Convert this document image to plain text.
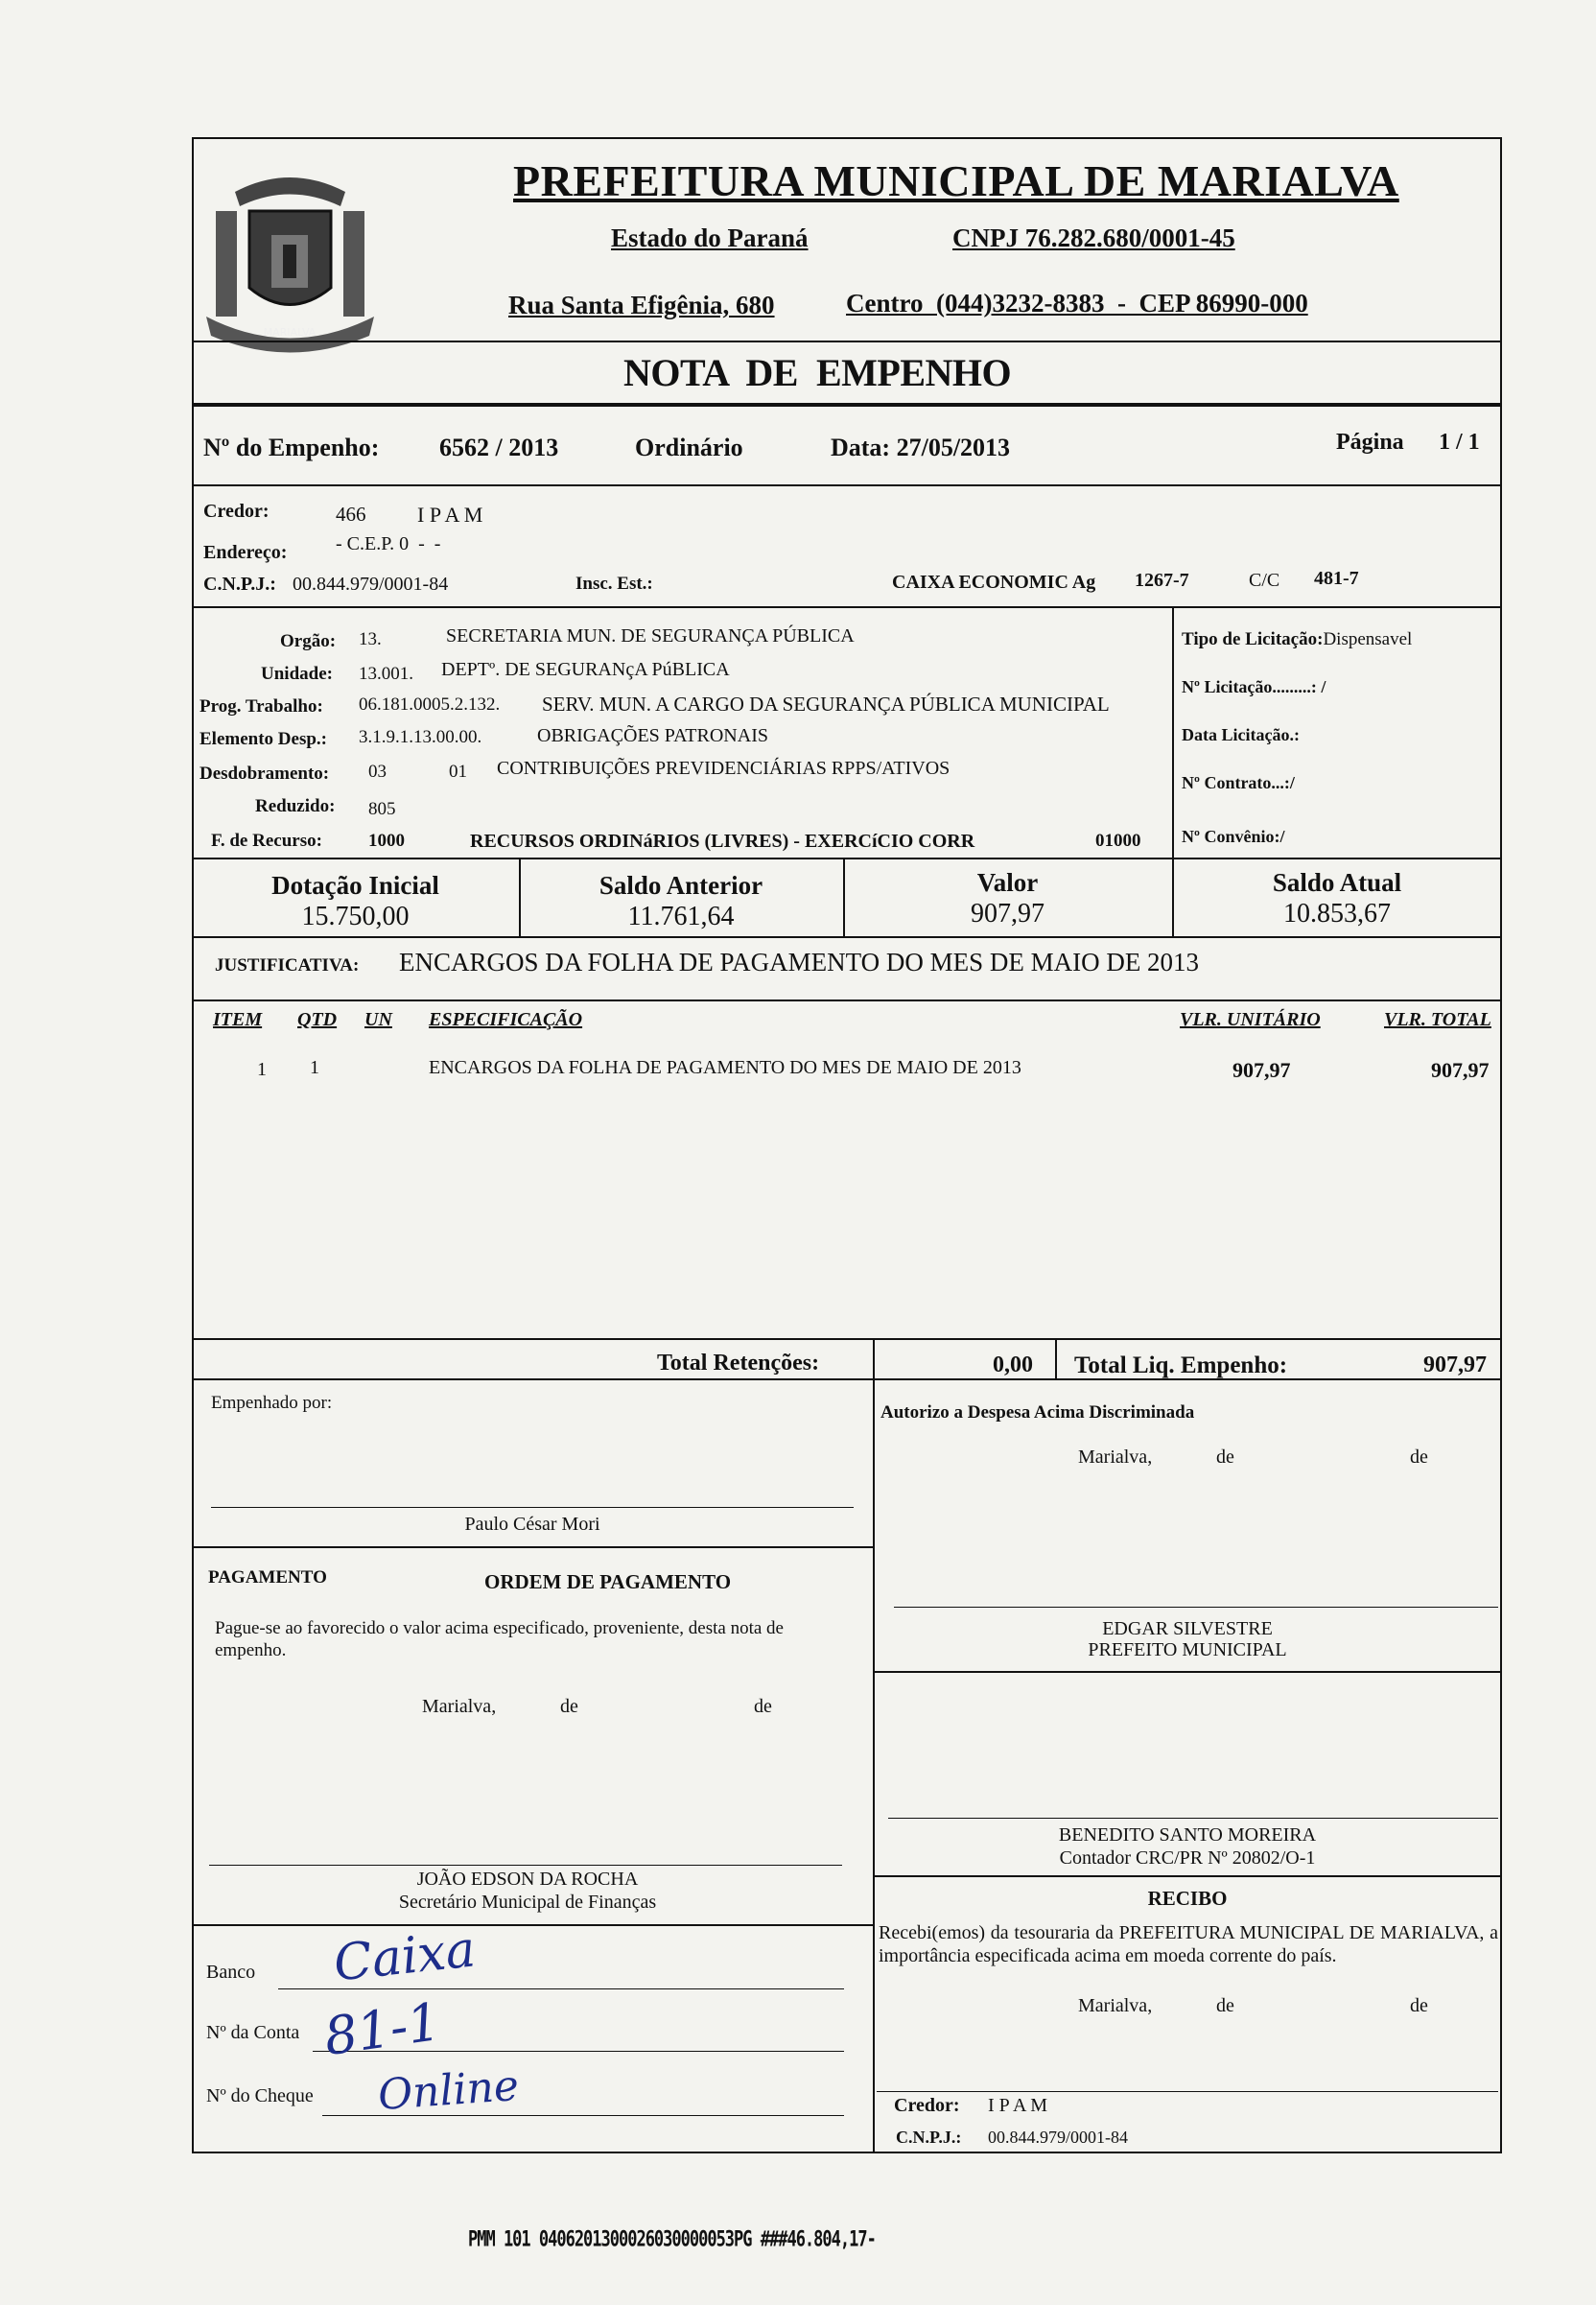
MARIALVA
PREFEITURA MUNICIPAL DE MARIALVA
Estado do Paraná	CNPJ 76.282.680/0001-45
Rua Santa Efigênia, 680	Centro  (044)3232-8383  -  CEP 86990-000
NOTA  DE  EMPENHO
Nº do Empenho: 6562 / 2013	Ordinário	Data: 27/05/2013	Página 1 / 1
Credor:	466 I P A M
Endereço:	- C.E.P. 0  -  -
C.N.P.J.: 00.844.979/0001-84	Insc. Est.:	CAIXA ECONOMIC Ag 1267-7	C/C 481-7
Orgão: 13.	SECRETARIA MUN. DE SEGURANÇA PÚBLICA
Unidade: 13.001. DEPTº. DE SEGURANçA PúBLICA
Prog. Trabalho: 06.181.0005.2.132. SERV. MUN. A CARGO DA SEGURANÇA PÚBLICA MUNICIPAL
Elemento Desp.: 3.1.9.1.13.00.00.	OBRIGAÇÕES PATRONAIS
Desdobramento: 03	01 CONTRIBUIÇÕES PREVIDENCIÁRIAS RPPS/ATIVOS
Reduzido: 805
F. de Recurso:	1000	RECURSOS ORDINáRIOS (LIVRES) - EXERCíCIO CORR	01000
Tipo de Licitação:Dispensavel
Nº Licitação.........: /
Data Licitação.:
Nº Contrato...:/
Nº Convênio:/
Dotação Inicial
15.750,00
Saldo Anterior
11.761,64
Valor
907,97
Saldo Atual
10.853,67
JUSTIFICATIVA: ENCARGOS DA FOLHA DE PAGAMENTO DO MES DE MAIO DE 2013
ITEM QTD UN ESPECIFICAÇÃO	VLR. UNITÁRIO	VLR. TOTAL
1 1	ENCARGOS DA FOLHA DE PAGAMENTO DO MES DE MAIO DE 2013	907,97	907,97
Total Retenções:	0,00 Total Liq. Empenho:	907,97
Empenhado por:
Paulo César Mori
Autorizo a Despesa Acima Discriminada
Marialva,	de	de
EDGAR SILVESTRE
PREFEITO MUNICIPAL
BENEDITO SANTO MOREIRA
Contador CRC/PR Nº 20802/O-1
PAGAMENTO	ORDEM DE PAGAMENTO
Pague-se ao favorecido o valor acima especificado, proveniente, desta nota de empenho.
Marialva,	de	de
JOÃO EDSON DA ROCHA
Secretário Municipal de Finanças
Banco Caixa
Nº da Conta 81-1
Nº do Cheque Online
RECIBO
Recebi(emos) da tesouraria da PREFEITURA MUNICIPAL DE MARIALVA, a importância especificada acima em moeda corrente do país.
Marialva,	de	de
Credor: I P A M
C.N.P.J.: 00.844.979/0001-84
PMM 101 0406201300026030000053PG ###46.804,17-
